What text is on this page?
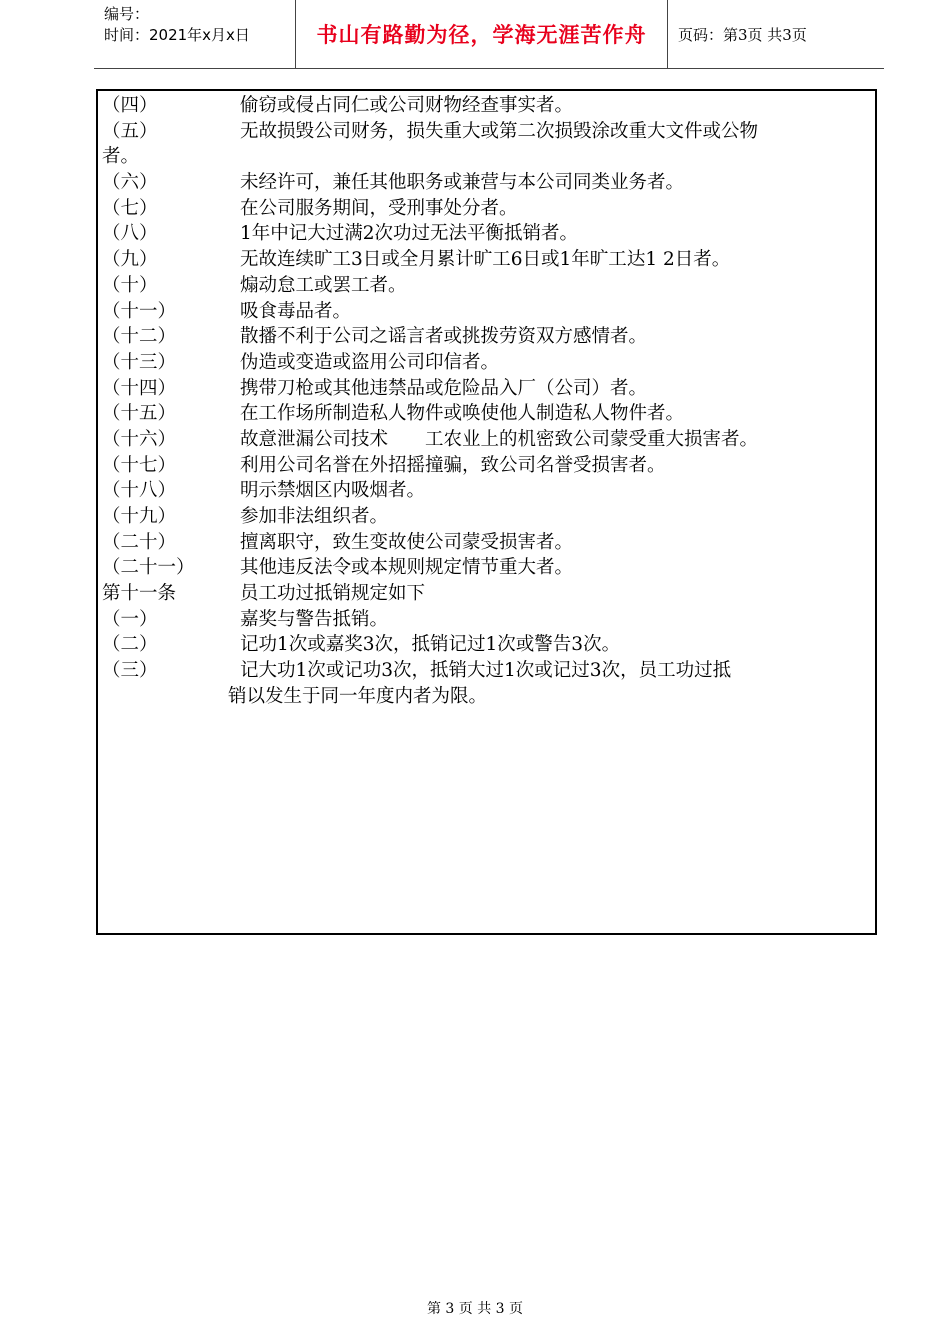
编号：
时间：2021年x月x日	书山有路勤为径，学海无涯苦作舟	页码：第3页 共3页
（四）	偷窃或侵占同仁或公司财物经查事实者。
（五）	无故损毁公司财务，损失重大或第二次损毁涂改重大文件或公物
者。
（六）	未经许可，兼任其他职务或兼营与本公司同类业务者。
（七）	在公司服务期间，受刑事处分者。
（八）	1年中记大过满2次功过无法平衡抵销者。
（九）	无故连续旷工3日或全月累计旷工6日或1年旷工达1 2日者。
（十）	煽动怠工或罢工者。
（十一）	吸食毒品者。
（十二）	散播不利于公司之谣言者或挑拨劳资双方感情者。
（十三）	伪造或变造或盗用公司印信者。
（十四）	携带刀枪或其他违禁品或危险品入厂（公司）者。
（十五）	在工作场所制造私人物件或唤使他人制造私人物件者。
（十六）	故意泄漏公司技术　　工农业上的机密致公司蒙受重大损害者。
（十七）	利用公司名誉在外招摇撞骗，致公司名誉受损害者。
（十八）	明示禁烟区内吸烟者。
（十九）	参加非法组织者。
（二十）	擅离职守，致生变故使公司蒙受损害者。
（二十一） 其他违反法令或本规则规定情节重大者。
第十一条	员工功过抵销规定如下
（一）	嘉奖与警告抵销。
（二）	记功1次或嘉奖3次，抵销记过1次或警告3次。
（三）	记大功1次或记功3次，抵销大过1次或记过3次，员工功过抵
销以发生于同一年度内者为限。
第 3 页 共 3 页
